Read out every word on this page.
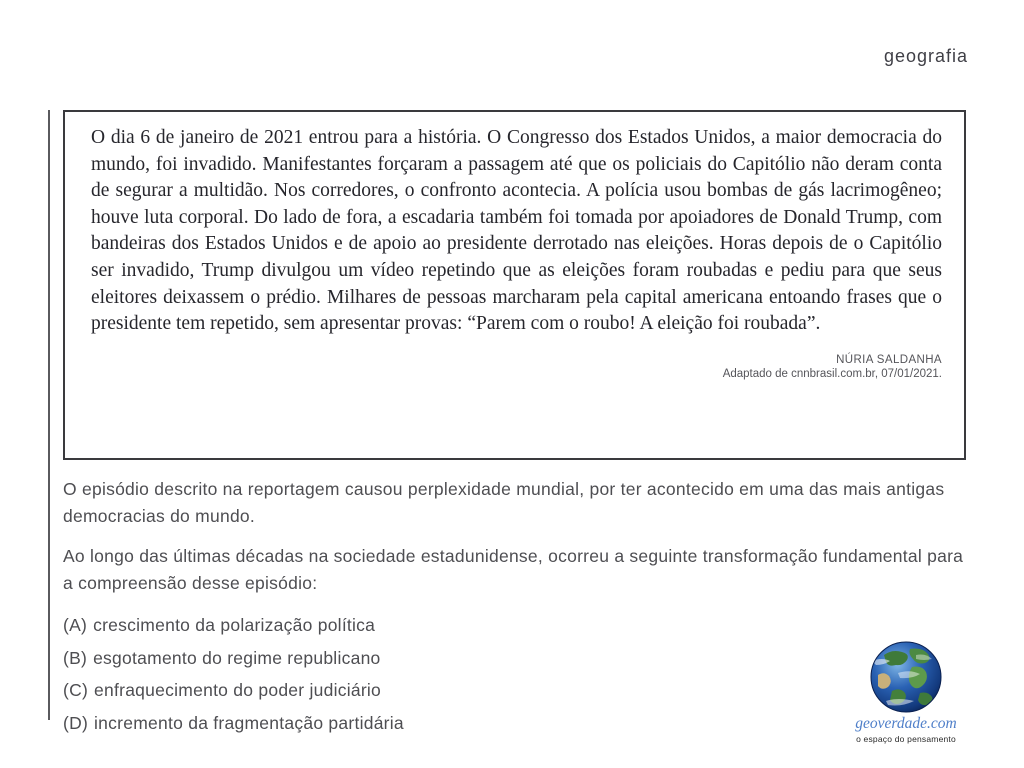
geografia
O dia 6 de janeiro de 2021 entrou para a história. O Congresso dos Estados Unidos, a maior democracia do mundo, foi invadido. Manifestantes forçaram a passagem até que os policiais do Capitólio não deram conta de segurar a multidão. Nos corredores, o confronto acontecia. A polícia usou bombas de gás lacrimogêneo; houve luta corporal. Do lado de fora, a escadaria também foi tomada por apoiadores de Donald Trump, com bandeiras dos Estados Unidos e de apoio ao presidente derrotado nas eleições. Horas depois de o Capitólio ser invadido, Trump divulgou um vídeo repetindo que as eleições foram roubadas e pediu para que seus eleitores deixassem o prédio. Milhares de pessoas marcharam pela capital americana entoando frases que o presidente tem repetido, sem apresentar provas: “Parem com o roubo! A eleição foi roubada”.
NÚRIA SALDANHA
Adaptado de cnnbrasil.com.br, 07/01/2021.

O episódio descrito na reportagem causou perplexidade mundial, por ter acontecido em uma das mais antigas democracias do mundo.

Ao longo das últimas décadas na sociedade estadunidense, ocorreu a seguinte transformação fundamental para a compreensão desse episódio:

(A) crescimento da polarização política
(B) esgotamento do regime republicano
(C) enfraquecimento do poder judiciário
(D) incremento da fragmentação partidária	geoverdade.com
o espaço do pensamento
